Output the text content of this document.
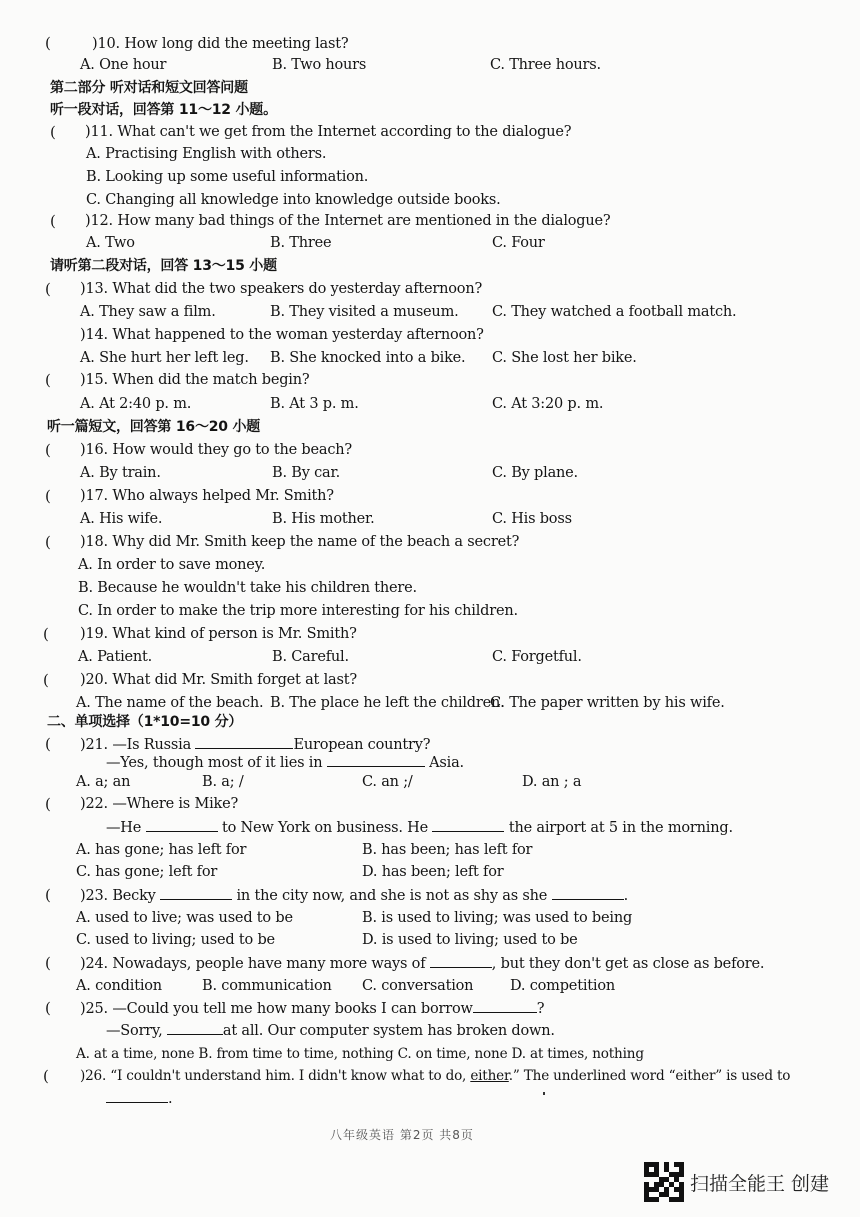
(	)10. How long did the meeting last?
A. One hour	B. Two hours	C. Three hours.
第二部分 听对话和短文回答问题
听一段对话，回答第 11～12 小题。
( )11. What can't we get from the Internet according to the dialogue?
A. Practising English with others.
B. Looking up some useful information.
C. Changing all knowledge into knowledge outside books.
( )12. How many bad things of the Internet are mentioned in the dialogue?
A. Two	B. Three	C. Four
请听第二段对话，回答 13～15 小题
( )13. What did the two speakers do yesterday afternoon?
A. They saw a film.	B. They visited a museum. C. They watched a football match.
)14. What happened to the woman yesterday afternoon?
A. She hurt her left leg. B. She knocked into a bike. C. She lost her bike.
( )15. When did the match begin?
A. At 2:40 p. m.	B. At 3 p. m.	C. At 3:20 p. m.
听一篇短文，回答第 16～20 小题
( )16. How would they go to the beach?
A. By train.	B. By car.	C. By plane.
( )17. Who always helped Mr. Smith?
A. His wife.	B. His mother.	C. His boss
( )18. Why did Mr. Smith keep the name of the beach a secret?
A. In order to save money.
B. Because he wouldn't take his children there.
C. In order to make the trip more interesting for his children.
( )19. What kind of person is Mr. Smith?
A. Patient.	B. Careful.	C. Forgetful.
( )20. What did Mr. Smith forget at last?
A. The name of the beach. B. The place he left the children.
C. The paper written by his wife.
二、单项选择（1*10=10 分）
( )21. —Is Russia	European country?
—Yes, though most of it lies in	Asia.
A. a; an	B. a; /	C. an ;/	D. an ; a
( )22. —Where is Mike?
—He	to New York on business. He	the airport at 5 in the morning.
A. has gone; has left for	B. has been; has left for
C. has gone; left for	D. has been; left for
( )23. Becky	in the city now, and she is not as shy as she	.
A. used to live; was used to be	B. is used to living; was used to being
C. used to living; used to be	D. is used to living; used to be
( )24. Nowadays, people have many more ways of	, but they don't get as close as before.
A. condition	B. communication C. conversation	D. competition
( )25. —Could you tell me how many books I can borrow	?
—Sorry,	at all. Our computer system has broken down.
A. at a time, none B. from time to time, nothing C. on time, none D. at times, nothing
( )26. “I couldn't understand him. I didn't know what to do, either.” The underlined word “either” is used to
.
八年级英语 第2页 共8页
扫描全能王 创建
